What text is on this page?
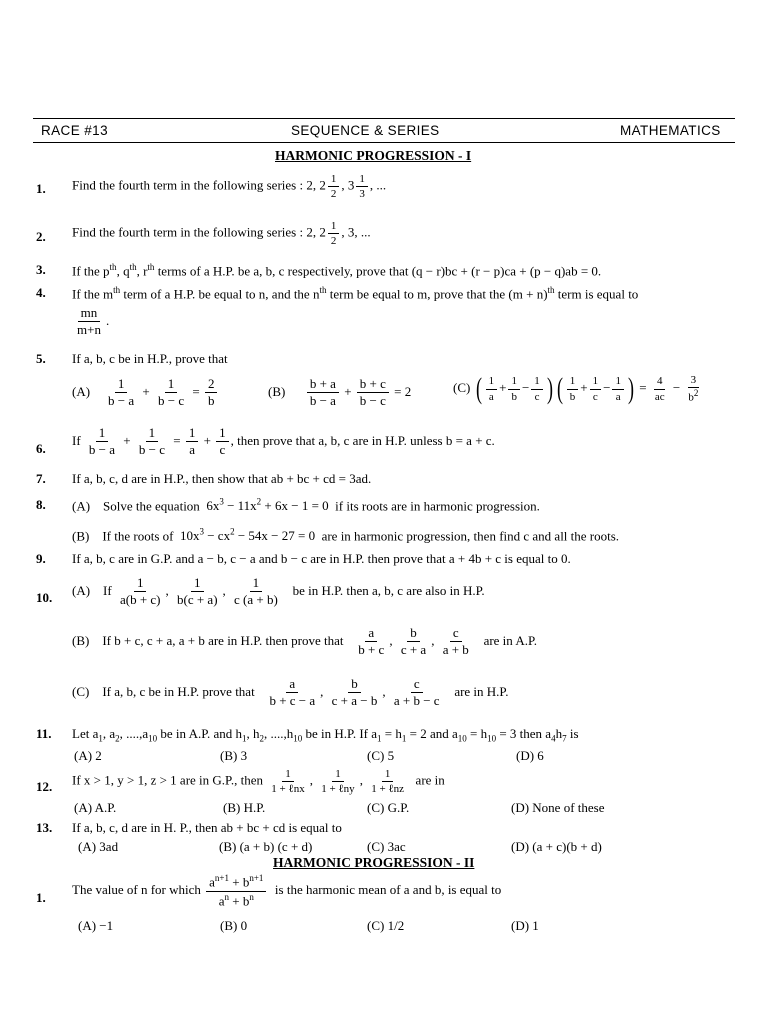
RACE #13	SEQUENCE & SERIES	MATHEMATICS
HARMONIC PROGRESSION - I
1. Find the fourth term in the following series : 2, $2 \frac{1}{2}$ , $3 \frac{1}{3}$ , ...
2. Find the fourth term in the following series : 2, $2 \frac{1}{2}$ , 3, ...
3. If the $p^{th}$, $q^{th}$, $r^{th}$ terms of a H.P. be a, b, c respectively, prove that (q − r)bc + (r − p)ca + (p − q)ab = 0.
4. If the $m^{th}$ term of a H.P. be equal to n, and the $n^{th}$ term be equal to m, prove that the $(m + n)^{th}$ term is equal to
$\frac{mn}{m+n}$ .
5. If a, b, c be in H.P., prove that
$(A) \frac{1}{b - a} + \frac{1}{b - c} = \frac{2}{b}$	$(B) \frac{b + a}{b - a} + \frac{b + c}{b - c} = 2$	(C) ( $\frac{1}{a} + \frac{1}{b} - \frac{1}{c}$ ) ( $\frac{1}{b} + \frac{1}{c} - \frac{1}{a}$ ) = $\frac{4}{ac} - \frac{3}{b^2}$
6.
If $\frac{1}{b - a} + \frac{1}{b - c} = \frac{1}{a} + \frac{1}{c}$ , then prove that a, b, c are in H.P. unless b = a + c.
7. If a, b, c, d are in H.P., then show that ab + bc + cd = 3ad.
8. (A) Solve the equation $6x^3 - 11x^2 + 6x - 1 = 0$ if its roots are in harmonic progression.
(B) If the roots of $10x^3 - cx^2 - 54x - 27 = 0$ are in harmonic progression, then find c and all the roots.
9. If a, b, c are in G.P. and a − b, c − a and b − c are in H.P. then prove that a + 4b + c is equal to 0.
10. (A) If $\frac{1}{a(b + c)}$ , $\frac{1}{b(c + a)}$ , $\frac{1}{c (a + b)}$ be in H.P. then a, b, c are also in H.P.
(B) If b + c, c + a, a + b are in H.P. then prove that $\frac{a}{b + c}$ , $\frac{b}{c + a}$ , $\frac{c}{a + b}$ are in A.P.
(C) If a, b, c be in H.P. prove that $\frac{a}{b + c - a}$ , $\frac{b}{c + a - b}$ , $\frac{c}{a + b - c}$ are in H.P.
11. Let $a_1$, $a_2$, $....,a_{10}$ be in A.P. and $h_1$, $h_2$, $....,h_{10}$ be in H.P. If $a_1 = h_1 = 2$ and $a_{10} = h_{10} = 3$ then $a_4h_7$ is
(A) 2	(B) 3	(C) 5	(D) 6
12. If x > 1, y > 1, z > 1 are in G.P., then $\frac{1}{\text{1 + ℓnx}}$ , $\frac{1}{\text{1 + ℓny}}$ , $\frac{1}{\text{1 + ℓnz}}$ are in
(A) A.P.	(B) H.P.	(C) G.P.	(D) None of these
13. If a, b, c, d are in H. P., then ab + bc + cd is equal to
(A) 3ad	(B) (a + b) (c + d)	(C) 3ac	(D) (a + c)(b + d)
HARMONIC PROGRESSION - II
1.
The value of n for which $\frac{a^{n+1} + b^{n+1}}{a^n + b^n}$ is the harmonic mean of a and b, is equal to
(A) −1	(B) 0	(C) 1/2	(D) 1
